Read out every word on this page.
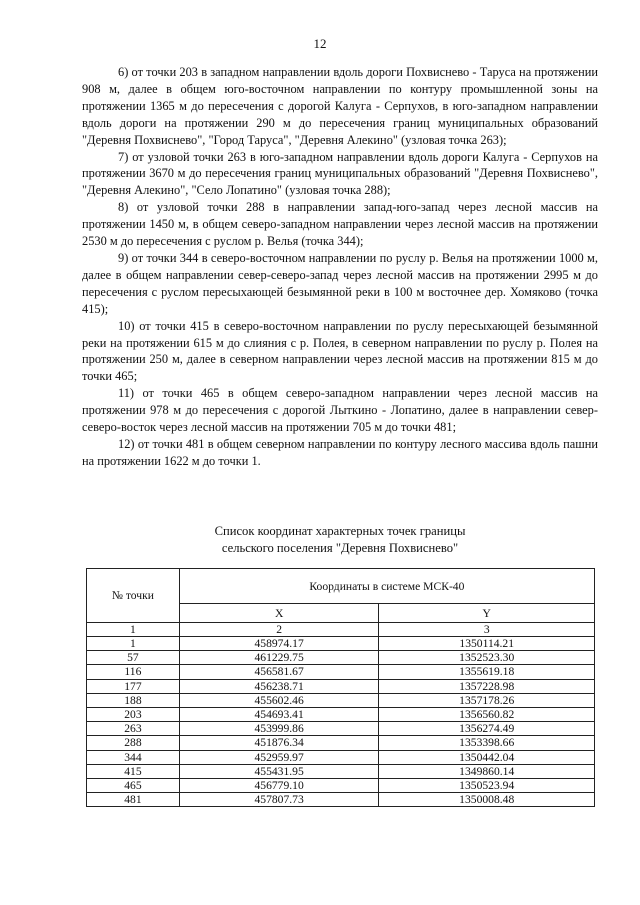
12

6) от точки 203 в западном направлении вдоль дороги Похвиснево - Таруса на протяжении 908 м, далее в общем юго-восточном направлении по контуру промышленной зоны на протяжении 1365 м до пересечения с дорогой Калуга - Серпухов, в юго-западном направлении вдоль дороги на протяжении 290 м до пересечения границ муниципальных образований "Деревня Похвиснево", "Город Таруса", "Деревня Алекино" (узловая точка 263);

7) от узловой точки 263 в юго-западном направлении вдоль дороги Калуга - Серпухов на протяжении 3670 м до пересечения границ муниципальных образований "Деревня Похвиснево", "Деревня Алекино", "Село Лопатино" (узловая точка 288);

8) от узловой точки 288 в направлении запад-юго-запад через лесной массив на протяжении 1450 м, в общем северо-западном направлении через лесной массив на протяжении 2530 м до пересечения с руслом р. Велья (точка 344);

9) от точки 344 в северо-восточном направлении по руслу р. Велья на протяжении 1000 м, далее в общем направлении север-северо-запад через лесной массив на протяжении 2995 м до пересечения с руслом пересыхающей безымянной реки в 100 м восточнее дер. Хомяково (точка 415);

10) от точки 415 в северо-восточном направлении по руслу пересыхающей безымянной реки на протяжении 615 м до слияния с р. Полея, в северном направлении по руслу р. Полея на протяжении 250 м, далее в северном направлении через лесной массив на протяжении 815 м до точки 465;

11) от точки 465 в общем северо-западном направлении через лесной массив на протяжении 978 м до пересечения с дорогой Лыткино - Лопатино, далее в направлении север-северо-восток через лесной массив на протяжении 705 м до точки 481;

12) от точки 481 в общем северном направлении по контуру лесного массива вдоль пашни на протяжении 1622 м до точки 1.

Список координат характерных точек границы
сельского поселения "Деревня Похвиснево"
№ точки	Координаты в системе МСК-40	
	X	Y
1	2	3
1	458974.17	1350114.21
57	461229.75	1352523.30
116	456581.67	1355619.18
177	456238.71	1357228.98
188	455602.46	1357178.26
203	454693.41	1356560.82
263	453999.86	1356274.49
288	451876.34	1353398.66
344	452959.97	1350442.04
415	455431.95	1349860.14
465	456779.10	1350523.94
481	457807.73	1350008.48
